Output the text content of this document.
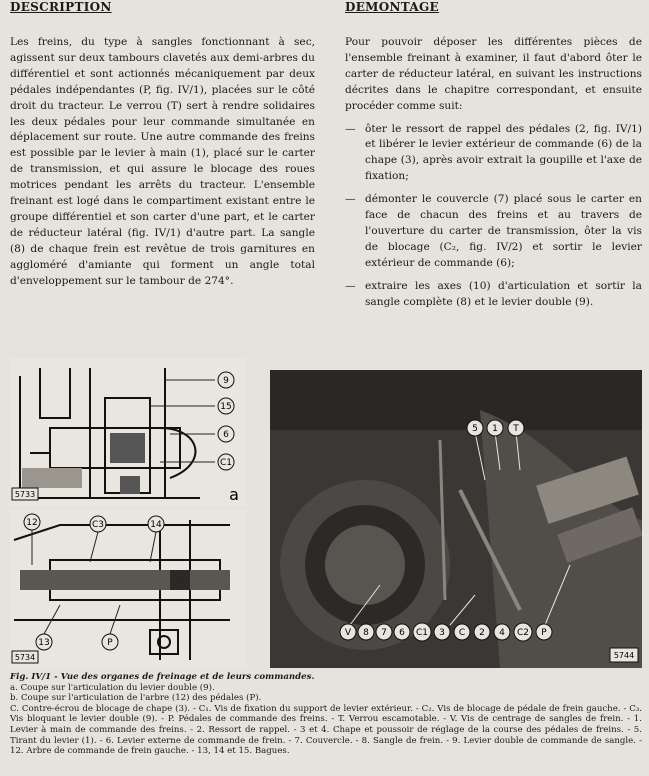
DESCRIPTION	DEMONTAGE

Les freins, du type à sangles fonctionnant à sec, agissent sur deux tambours clavetés aux demi-arbres du différentiel et sont actionnés mécaniquement par deux pédales indépendantes (P, fig. IV/1), placées sur le côté droit du tracteur. Le verrou (T) sert à rendre solidaires les deux pédales pour leur commande simultanée en déplacement sur route. Une autre commande des freins est possible par le levier à main (1), placé sur le carter de transmission, et qui assure le blocage des roues motrices pendant les arrêts du tracteur. L'ensemble freinant est logé dans le compartiment existant entre le groupe différentiel et son carter d'une part, et le carter de réducteur latéral (fig. IV/1) d'autre part. La sangle (8) de chaque frein est revêtue de trois garnitures en aggloméré d'amiante qui forment un angle total d'enveloppement sur le tambour de 274°.

Pour pouvoir déposer les différentes pièces de l'ensemble freinant à examiner, il faut d'abord ôter le carter de réducteur latéral, en suivant les instructions décrites dans le chapitre correspondant, et ensuite procéder comme suit:

— ôter le ressort de rappel des pédales (2, fig. IV/1) et libérer le levier extérieur de commande (6) de la chape (3), après avoir extrait la goupille et l'axe de fixation;
— démonter le couvercle (7) placé sous le carter en face de chacun des freins et au travers de l'ouverture du carter de transmission, ôter la vis de blocage (C₂, fig. IV/2) et sortir le levier extérieur de commande (6);
— extraire les axes (10) d'articulation et sortir la sangle complète (8) et le levier double (9).
9
15
6
C1
5733	a
12	C3	14
13	P
5734
5 1 T
V 8 7 6 C1 3 C 2 4 C2 P
5744
Fig. IV/1 - Vue des organes de freinage et de leurs commandes.
a. Coupe sur l'articulation du levier double (9).
b. Coupe sur l'articulation de l'arbre (12) des pédales (P).
C. Contre-écrou de blocage de chape (3). - C₁. Vis de fixation du support de levier extérieur. - C₂. Vis de blocage de pédale de frein gauche. - C₃. Vis bloquant le levier double (9). - P. Pédales de commande des freins. - T. Verrou escamotable. - V. Vis de centrage de sangles de frein. - 1. Levier à main de commande des freins. - 2. Ressort de rappel. - 3 et 4. Chape et poussoir de réglage de la course des pédales de freins. - 5. Tirant du levier (1). - 6. Levier externe de commande de frein. - 7. Couvercle. - 8. Sangle de frein. - 9. Levier double de commande de sangle. - 12. Arbre de commande de frein gauche. - 13, 14 et 15. Bagues.
